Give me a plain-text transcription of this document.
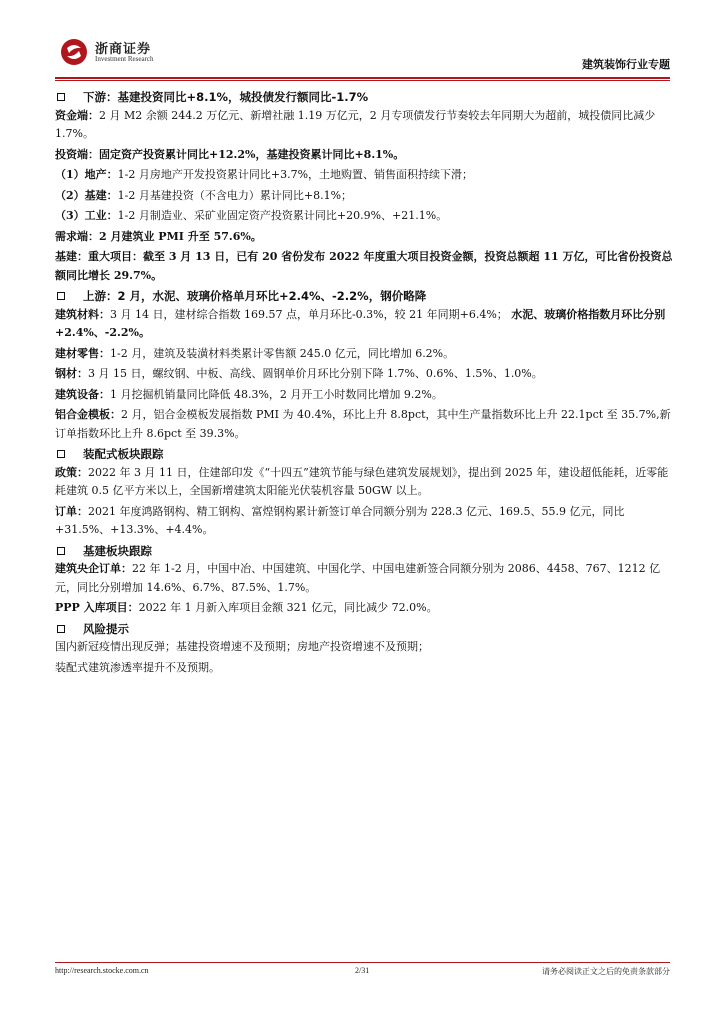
浙商证券
Investment Research	建筑装饰行业专题
下游：基建投资同比+8.1%，城投债发行额同比-1.7%

资金端：2 月 M2 余额 244.2 万亿元、新增社融 1.19 万亿元，2 月专项债发行节奏较去年同期大为超前，城投债同比减少 1.7%。

投资端：固定资产投资累计同比+12.2%，基建投资累计同比+8.1%。

（1）地产：1-2 月房地产开发投资累计同比+3.7%，土地购置、销售面积持续下滑；

（2）基建：1-2 月基建投资（不含电力）累计同比+8.1%；

（3）工业：1-2 月制造业、采矿业固定资产投资累计同比+20.9%、+21.1%。

需求端：2 月建筑业 PMI 升至 57.6%。

基建：重大项目：截至 3 月 13 日，已有 20 省份发布 2022 年度重大项目投资金额，投资总额超 11 万亿，可比省份投资总额同比增长 29.7%。

上游：2 月，水泥、玻璃价格单月环比+2.4%、-2.2%，钢价略降

建筑材料：3 月 14 日，建材综合指数 169.57 点，单月环比-0.3%，较 21 年同期+6.4%； 水泥、玻璃价格指数月环比分别+2.4%、-2.2%。

建材零售：1-2 月，建筑及装潢材料类累计零售额 245.0 亿元，同比增加 6.2%。

钢材：3 月 15 日，螺纹钢、中板、高线、圆钢单价月环比分别下降 1.7%、0.6%、1.5%、1.0%。

建筑设备：1 月挖掘机销量同比降低 48.3%，2 月开工小时数同比增加 9.2%。

铝合金模板：2 月，铝合金模板发展指数 PMI 为 40.4%，环比上升 8.8pct，其中生产量指数环比上升 22.1pct 至 35.7%,新订单指数环比上升 8.6pct 至 39.3%。

装配式板块跟踪

政策：2022 年 3 月 11 日，住建部印发《“十四五”建筑节能与绿色建筑发展规划》，提出到 2025 年，建设超低能耗，近零能耗建筑 0.5 亿平方米以上，全国新增建筑太阳能光伏装机容量 50GW 以上。

订单：2021 年度鸿路钢构、精工钢构、富煌钢构累计新签订单合同额分别为 228.3 亿元、169.5、55.9 亿元，同比+31.5%、+13.3%、+4.4%。

基建板块跟踪

建筑央企订单：22 年 1-2 月，中国中冶、中国建筑、中国化学、中国电建新签合同额分别为 2086、4458、767、1212 亿元，同比分别增加 14.6%、6.7%、87.5%、1.7%。

PPP 入库项目：2022 年 1 月新入库项目金额 321 亿元，同比减少 72.0%。

风险提示

国内新冠疫情出现反弹；基建投资增速不及预期；房地产投资增速不及预期；

装配式建筑渗透率提升不及预期。

http://research.stocke.com.cn	2/31	请务必阅读正文之后的免责条款部分
